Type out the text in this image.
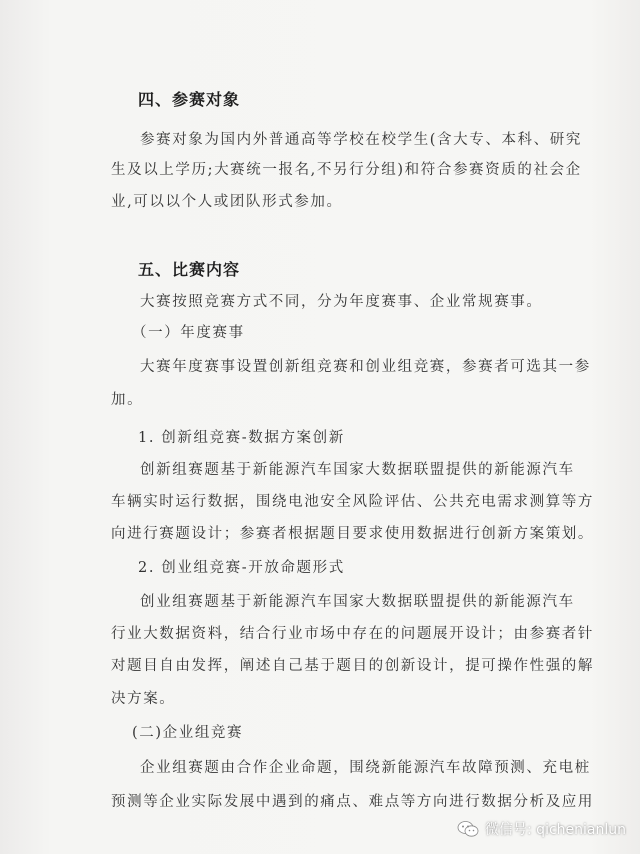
四、参赛对象
参赛对象为国内外普通高等学校在校学生(含大专、本科、研究
生及以上学历;大赛统一报名,不另行分组)和符合参赛资质的社会企
业,可以以个人或团队形式参加。
五、比赛内容
大赛按照竞赛方式不同，分为年度赛事、企业常规赛事。
（一）年度赛事
大赛年度赛事设置创新组竞赛和创业组竞赛，参赛者可选其一参
加。
1. 创新组竞赛-数据方案创新
创新组赛题基于新能源汽车国家大数据联盟提供的新能源汽车
车辆实时运行数据，围绕电池安全风险评估、公共充电需求测算等方
向进行赛题设计；参赛者根据题目要求使用数据进行创新方案策划。
2. 创业组竞赛-开放命题形式
创业组赛题基于新能源汽车国家大数据联盟提供的新能源汽车
行业大数据资料，结合行业市场中存在的问题展开设计；由参赛者针
对题目自由发挥，阐述自己基于题目的创新设计，提可操作性强的解
决方案。
(二)企业组竞赛
企业组赛题由合作企业命题，围绕新能源汽车故障预测、充电桩
预测等企业实际发展中遇到的痛点、难点等方向进行数据分析及应用
微信号: qichenianlun
